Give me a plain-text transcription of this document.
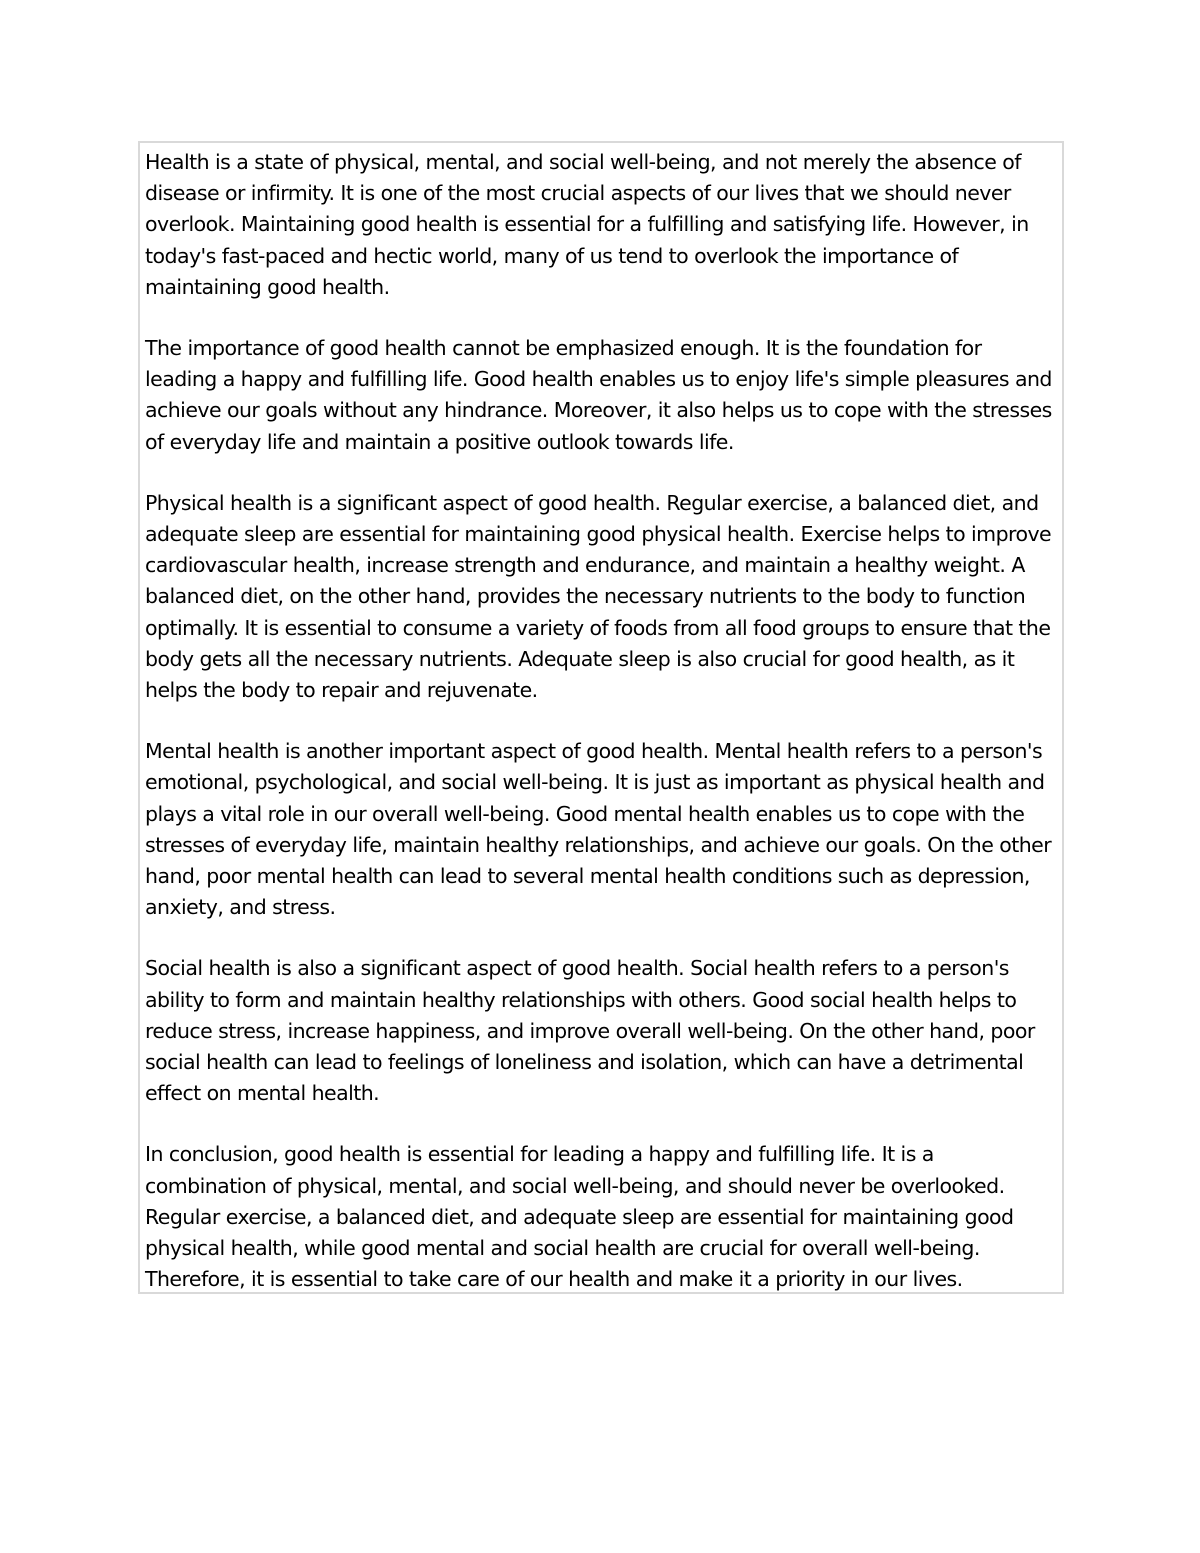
Health is a state of physical, mental, and social well-being, and not merely the absence of disease or infirmity. It is one of the most crucial aspects of our lives that we should never overlook. Maintaining good health is essential for a fulfilling and satisfying life. However, in today's fast-paced and hectic world, many of us tend to overlook the importance of maintaining good health.

The importance of good health cannot be emphasized enough. It is the foundation for leading a happy and fulfilling life. Good health enables us to enjoy life's simple pleasures and achieve our goals without any hindrance. Moreover, it also helps us to cope with the stresses of everyday life and maintain a positive outlook towards life.

Physical health is a significant aspect of good health. Regular exercise, a balanced diet, and adequate sleep are essential for maintaining good physical health. Exercise helps to improve cardiovascular health, increase strength and endurance, and maintain a healthy weight. A balanced diet, on the other hand, provides the necessary nutrients to the body to function optimally. It is essential to consume a variety of foods from all food groups to ensure that the body gets all the necessary nutrients. Adequate sleep is also crucial for good health, as it helps the body to repair and rejuvenate.

Mental health is another important aspect of good health. Mental health refers to a person's emotional, psychological, and social well-being. It is just as important as physical health and plays a vital role in our overall well-being. Good mental health enables us to cope with the stresses of everyday life, maintain healthy relationships, and achieve our goals. On the other hand, poor mental health can lead to several mental health conditions such as depression, anxiety, and stress.

Social health is also a significant aspect of good health. Social health refers to a person's ability to form and maintain healthy relationships with others. Good social health helps to reduce stress, increase happiness, and improve overall well-being. On the other hand, poor social health can lead to feelings of loneliness and isolation, which can have a detrimental effect on mental health.

In conclusion, good health is essential for leading a happy and fulfilling life. It is a combination of physical, mental, and social well-being, and should never be overlooked. Regular exercise, a balanced diet, and adequate sleep are essential for maintaining good physical health, while good mental and social health are crucial for overall well-being. Therefore, it is essential to take care of our health and make it a priority in our lives.
